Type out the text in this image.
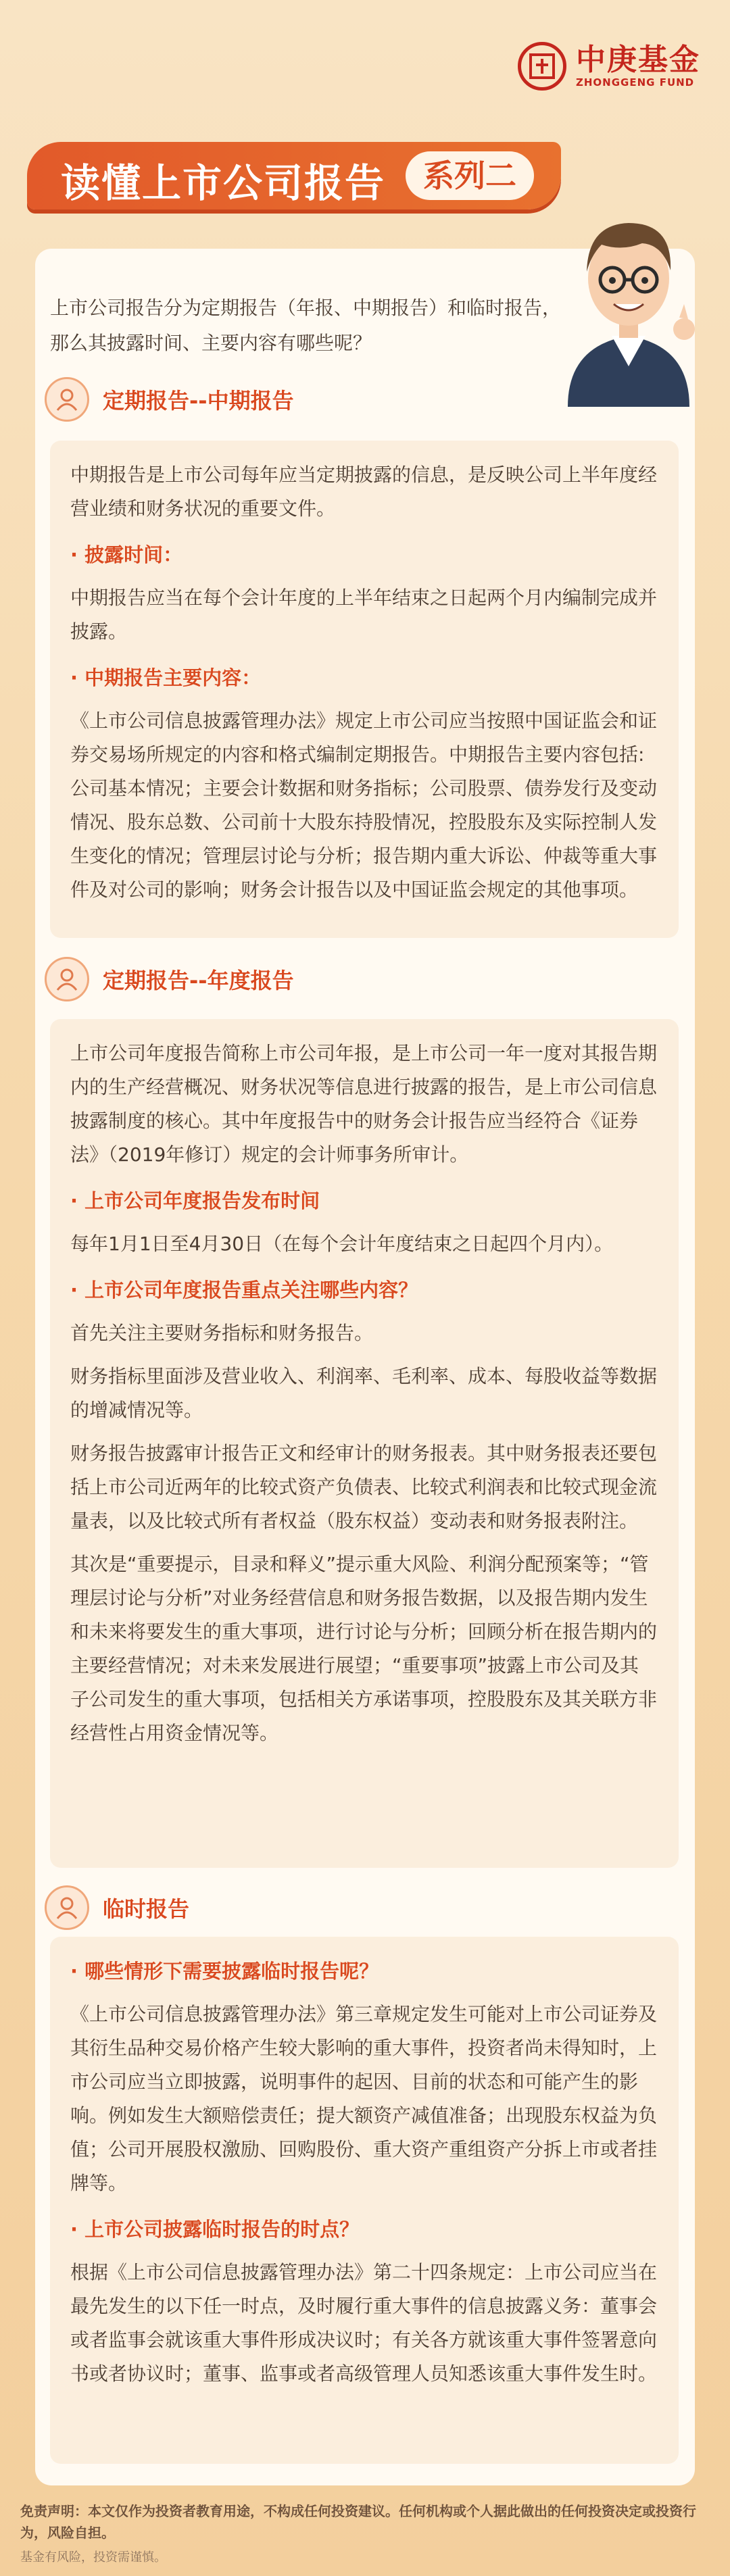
中庚基金
ZHONGGENG FUND
读懂上市公司报告	系列二
上市公司报告分为定期报告（年报、中期报告）和临时报告，那么其披露时间、主要内容有哪些呢？
定期报告--中期报告
中期报告是上市公司每年应当定期披露的信息，是反映公司上半年度经营业绩和财务状况的重要文件。
· 披露时间：
中期报告应当在每个会计年度的上半年结束之日起两个月内编制完成并披露。
· 中期报告主要内容：
《上市公司信息披露管理办法》规定上市公司应当按照中国证监会和证券交易场所规定的内容和格式编制定期报告。中期报告主要内容包括:公司基本情况；主要会计数据和财务指标；公司股票、债券发行及变动情况、股东总数、公司前十大股东持股情况，控股股东及实际控制人发生变化的情况；管理层讨论与分析；报告期内重大诉讼、仲裁等重大事件及对公司的影响；财务会计报告以及中国证监会规定的其他事项。
定期报告--年度报告
上市公司年度报告简称上市公司年报，是上市公司一年一度对其报告期内的生产经营概况、财务状况等信息进行披露的报告，是上市公司信息披露制度的核心。其中年度报告中的财务会计报告应当经符合《证券法》（2019年修订）规定的会计师事务所审计。
· 上市公司年度报告发布时间
每年1月1日至4月30日（在每个会计年度结束之日起四个月内）。
· 上市公司年度报告重点关注哪些内容？
首先关注主要财务指标和财务报告。
财务指标里面涉及营业收入、利润率、毛利率、成本、每股收益等数据的增减情况等。
财务报告披露审计报告正文和经审计的财务报表。其中财务报表还要包括上市公司近两年的比较式资产负债表、比较式利润表和比较式现金流量表，以及比较式所有者权益（股东权益）变动表和财务报表附注。
其次是“重要提示，目录和释义”提示重大风险、利润分配预案等；“管理层讨论与分析”对业务经营信息和财务报告数据，以及报告期内发生和未来将要发生的重大事项，进行讨论与分析；回顾分析在报告期内的主要经营情况；对未来发展进行展望；“重要事项”披露上市公司及其子公司发生的重大事项，包括相关方承诺事项，控股股东及其关联方非经营性占用资金情况等。
临时报告
· 哪些情形下需要披露临时报告呢？
《上市公司信息披露管理办法》第三章规定发生可能对上市公司证券及其衍生品种交易价格产生较大影响的重大事件，投资者尚未得知时，上市公司应当立即披露，说明事件的起因、目前的状态和可能产生的影响。例如发生大额赔偿责任；提大额资产减值准备；出现股东权益为负值；公司开展股权激励、回购股份、重大资产重组资产分拆上市或者挂牌等。
· 上市公司披露临时报告的时点？
根据《上市公司信息披露管理办法》第二十四条规定：上市公司应当在最先发生的以下任一时点，及时履行重大事件的信息披露义务：董事会或者监事会就该重大事件形成决议时；有关各方就该重大事件签署意向书或者协议时；董事、监事或者高级管理人员知悉该重大事件发生时。
免责声明：本文仅作为投资者教育用途，不构成任何投资建议。任何机构或个人据此做出的任何投资决定或投资行为，风险自担。
基金有风险，投资需谨慎。
